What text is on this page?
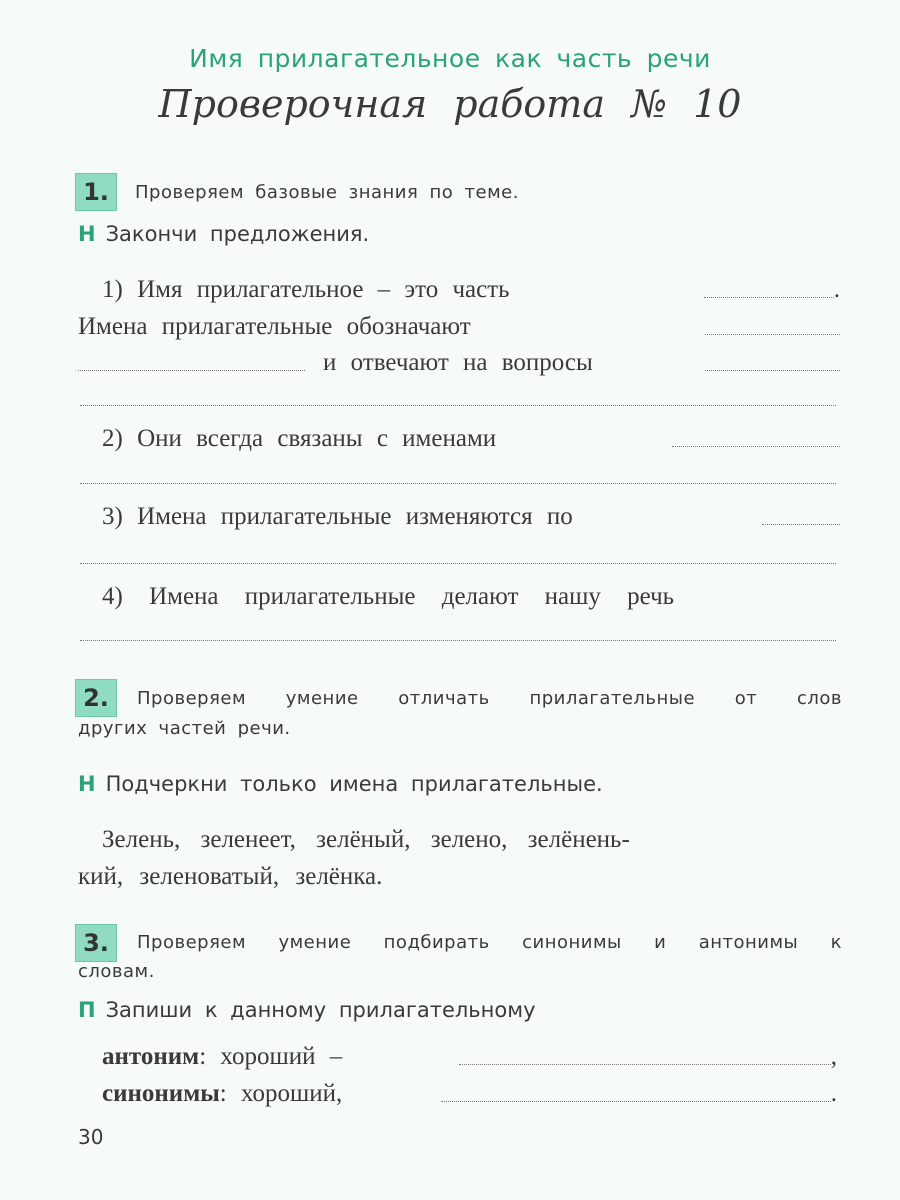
Имя прилагательное как часть речи
Проверочная работа № 10
1.	Проверяем базовые знания по теме.
Н Закончи предложения.
1) Имя прилагательное – это часть	.
Имена прилагательные обозначают
и отвечают на вопросы
2) Они всегда связаны с именами
3) Имена прилагательные изменяются по
4) Имена прилагательные делают нашу речь
2.	Проверяем умение отличать прилагательные от слов
других частей речи.
Н Подчеркни только имена прилагательные.
Зелень, зеленеет, зелёный, зелено, зелёнень-
кий, зеленоватый, зелёнка.
3.	Проверяем умение подбирать синонимы и антонимы к
словам.
П Запиши к данному прилагательному
антоним : хороший –	,
синонимы : хороший,	.
30
